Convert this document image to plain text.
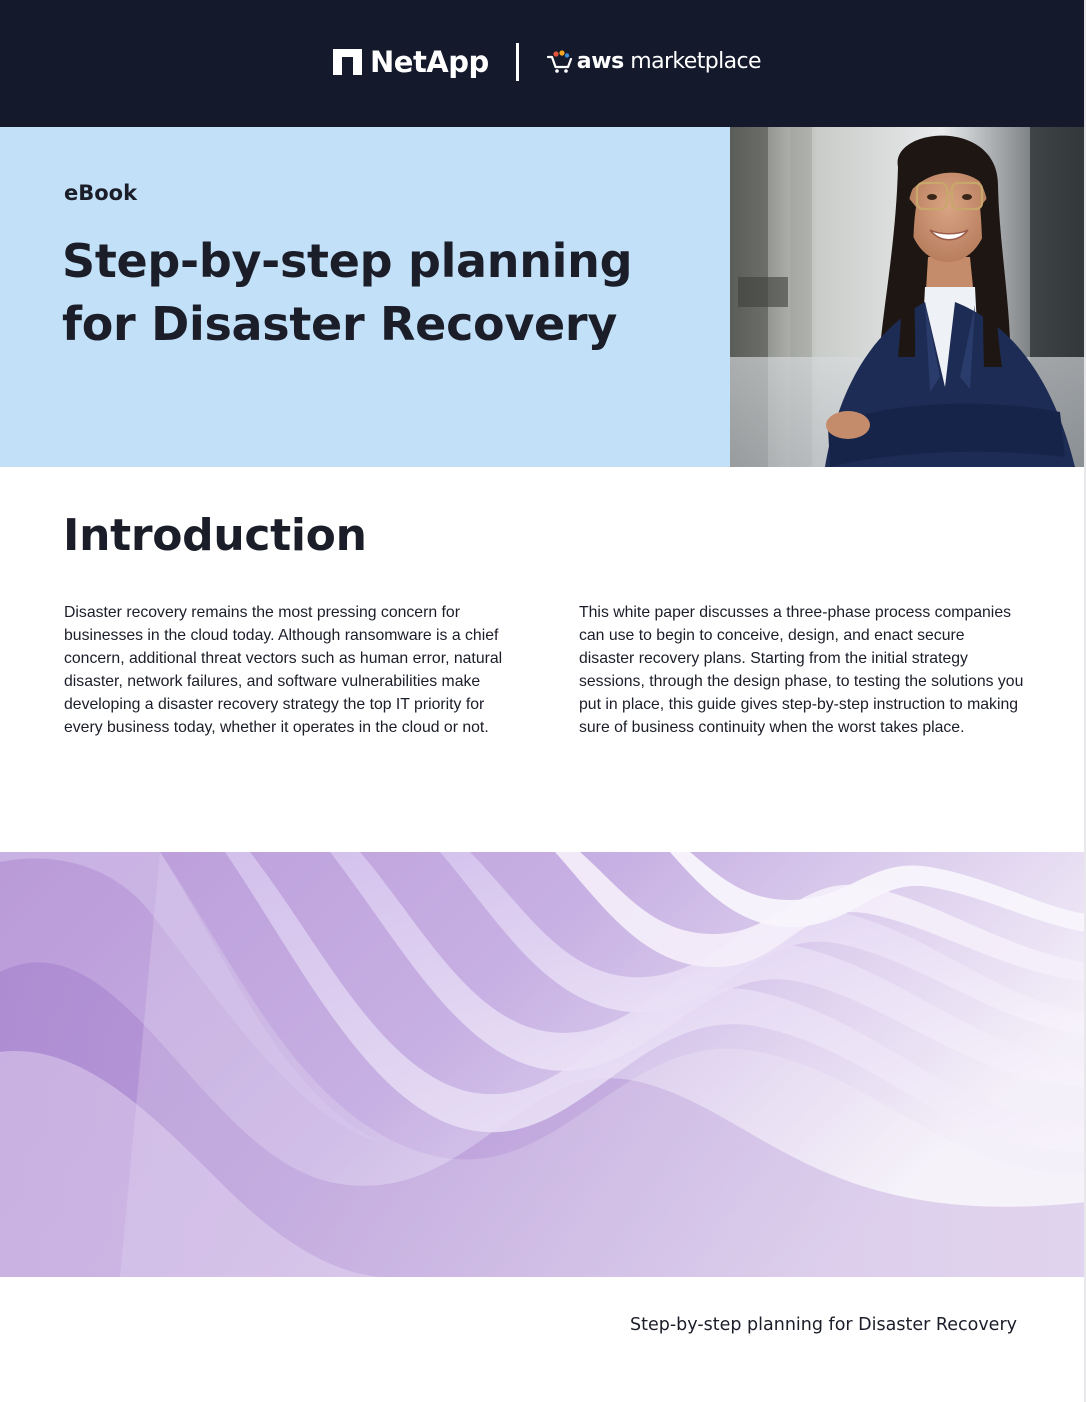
NetApp	aws marketplace
eBook
Step-by-step planning for Disaster Recovery
Introduction

Disaster recovery remains the most pressing concern for businesses in the cloud today. Although ransomware is a chief concern, additional threat vectors such as human error, natural disaster, network failures, and software vulnerabilities make developing a disaster recovery strategy the top IT priority for every business today, whether it operates in the cloud or not.

This white paper discusses a three-phase process companies can use to begin to conceive, design, and enact secure disaster recovery plans. Starting from the initial strategy sessions, through the design phase, to testing the solutions you put in place, this guide gives step-by-step instruction to making sure of business continuity when the worst takes place.

Step-by-step planning for Disaster Recovery
